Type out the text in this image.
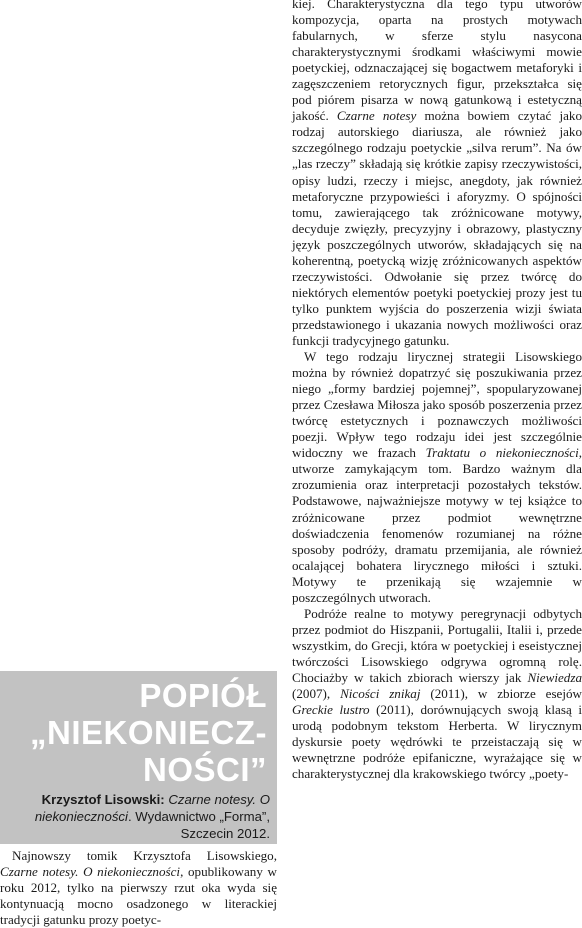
kiej. Charakterystyczna dla tego typu utworów kompozycja, oparta na prostych motywach fabularnych, w sferze stylu nasycona charakterystycznymi środkami właściwymi mowie poetyckiej, odznaczającej się bogactwem metaforyki i zagęszczeniem retorycznych figur, przekształca się pod piórem pisarza w nową gatunkową i estetyczną jakość. Czarne notesy można bowiem czytać jako rodzaj autorskiego diariusza, ale również jako szczególnego rodzaju poetyckie „silva rerum”. Na ów „las rzeczy” składają się krótkie zapisy rzeczywistości, opisy ludzi, rzeczy i miejsc, anegdoty, jak również metaforyczne przypowieści i aforyzmy. O spójności tomu, zawierającego tak zróżnicowane motywy, decyduje zwięzły, precyzyjny i obrazowy, plastyczny język poszczególnych utworów, składających się na koherentną, poetycką wizję zróżnicowanych aspektów rzeczywistości. Odwołanie się przez twórcę do niektórych elementów poetyki poetyckiej prozy jest tu tylko punktem wyjścia do poszerzenia wizji świata przedstawionego i ukazania nowych możliwości oraz funkcji tradycyjnego gatunku.

W tego rodzaju lirycznej strategii Lisowskiego można by również dopatrzyć się poszukiwania przez niego „formy bardziej pojemnej”, spopularyzowanej przez Czesława Miłosza jako sposób poszerzenia przez twórcę estetycznych i poznawczych możliwości poezji. Wpływ tego rodzaju idei jest szczególnie widoczny we frazach Traktatu o niekonieczności, utworze zamykającym tom. Bardzo ważnym dla zrozumienia oraz interpretacji pozostałych tekstów. Podstawowe, najważniejsze motywy w tej książce to zróżnicowane przez podmiot wewnętrzne doświadczenia fenomenów rozumianej na różne sposoby podróży, dramatu przemijania, ale również ocalającej bohatera lirycznego miłości i sztuki. Motywy te przenikają się wzajemnie w poszczególnych utworach.

Podróże realne to motywy peregrynacji odbytych przez podmiot do Hiszpanii, Portugalii, Italii i, przede wszystkim, do Grecji, która w poetyckiej i eseistycznej twórczości Lisowskiego odgrywa ogromną rolę. Chociażby w takich zbiorach wierszy jak Niewiedza (2007), Nicości znikaj (2011), w zbiorze esejów Greckie lustro (2011), dorównujących swoją klasą i urodą podobnym tekstom Herberta. W lirycznym dyskursie poety wędrówki te przeistaczają się w wewnętrzne podróże epifaniczne, wyrażające się w charakterystycznej dla krakowskiego twórcy „poety-

POPIÓŁ
„NIEKONIECZ-
NOŚCI”
Krzysztof Lisowski: Czarne notesy. O niekonieczności. Wydawnictwo „Forma”, Szczecin 2012.

Najnowszy tomik Krzysztofa Lisowskiego, Czarne notesy. O niekonieczności, opublikowany w roku 2012, tylko na pierwszy rzut oka wyda się kontynuacją mocno osadzonego w literackiej tradycji gatunku prozy poetyc-
